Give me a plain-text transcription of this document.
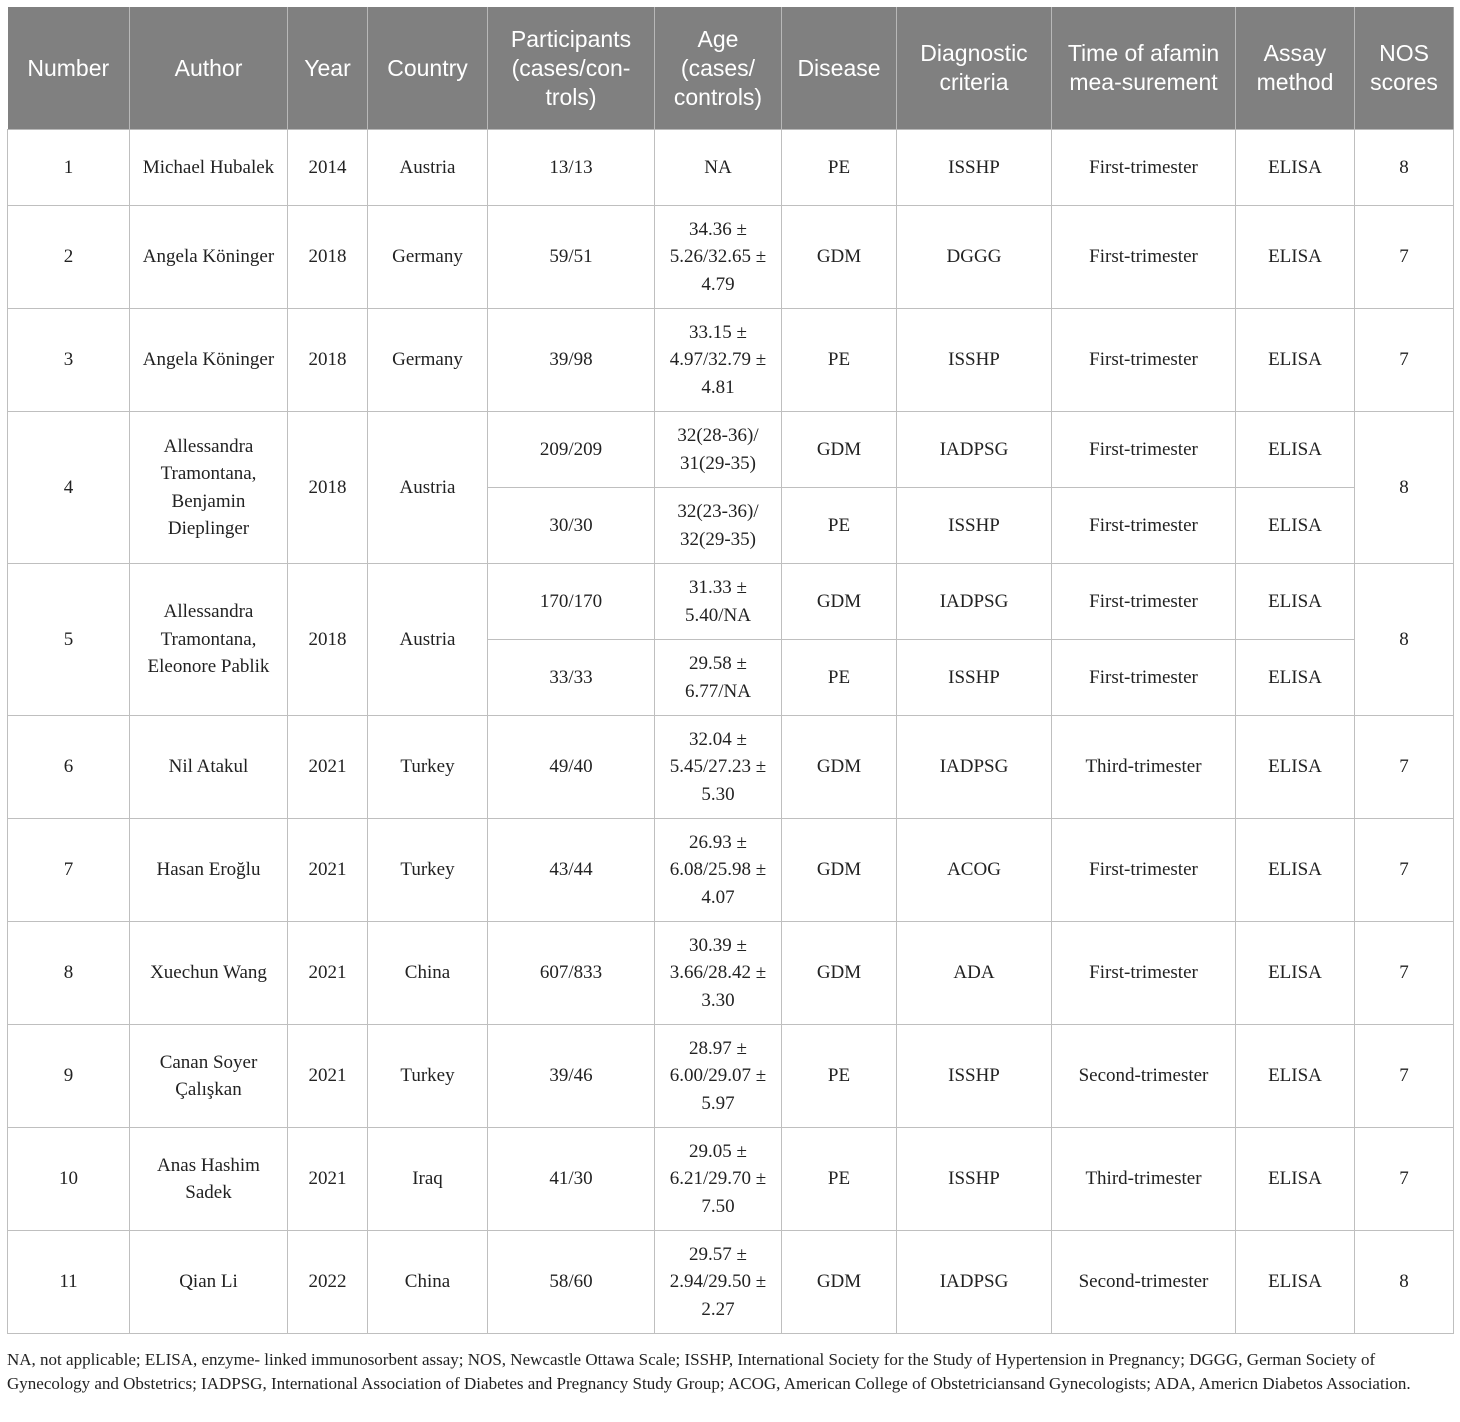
Number	Author	Year	Country	Participants (cases/con-trols)	Age (cases/ controls)	Disease	Diagnostic criteria	Time of afamin mea-surement	Assay method	NOS scores
1	Michael Hubalek	2014	Austria	13/13	NA	PE	ISSHP	First-trimester	ELISA	8
2	Angela Köninger	2018	Germany	59/51	34.36 ± 5.26/32.65 ± 4.79	GDM	DGGG	First-trimester	ELISA	7
3	Angela Köninger	2018	Germany	39/98	33.15 ± 4.97/32.79 ± 4.81	PE	ISSHP	First-trimester	ELISA	7
4	Allessandra Tramontana, Benjamin Dieplinger	2018	Austria	209/209	32(28-36)/ 31(29-35)	GDM	IADPSG	First-trimester	ELISA	8
				30/30	32(23-36)/ 32(29-35)	PE	ISSHP	First-trimester	ELISA	
5	Allessandra Tramontana, Eleonore Pablik	2018	Austria	170/170	31.33 ± 5.40/NA	GDM	IADPSG	First-trimester	ELISA	8
				33/33	29.58 ± 6.77/NA	PE	ISSHP	First-trimester	ELISA	
6	Nil Atakul	2021	Turkey	49/40	32.04 ± 5.45/27.23 ± 5.30	GDM	IADPSG	Third-trimester	ELISA	7
7	Hasan Eroğlu	2021	Turkey	43/44	26.93 ± 6.08/25.98 ± 4.07	GDM	ACOG	First-trimester	ELISA	7
8	Xuechun Wang	2021	China	607/833	30.39 ± 3.66/28.42 ± 3.30	GDM	ADA	First-trimester	ELISA	7
9	Canan Soyer Çalışkan	2021	Turkey	39/46	28.97 ± 6.00/29.07 ± 5.97	PE	ISSHP	Second-trimester	ELISA	7
10	Anas Hashim Sadek	2021	Iraq	41/30	29.05 ± 6.21/29.70 ± 7.50	PE	ISSHP	Third-trimester	ELISA	7
11	Qian Li	2022	China	58/60	29.57 ± 2.94/29.50 ± 2.27	GDM	IADPSG	Second-trimester	ELISA	8

NA, not applicable; ELISA, enzyme- linked immunosorbent assay; NOS, Newcastle Ottawa Scale; ISSHP, International Society for the Study of Hypertension in Pregnancy; DGGG, German Society of Gynecology and Obstetrics; IADPSG, International Association of Diabetes and Pregnancy Study Group; ACOG, American College of Obstetriciansand Gynecologists; ADA, Americn Diabetos Association.
